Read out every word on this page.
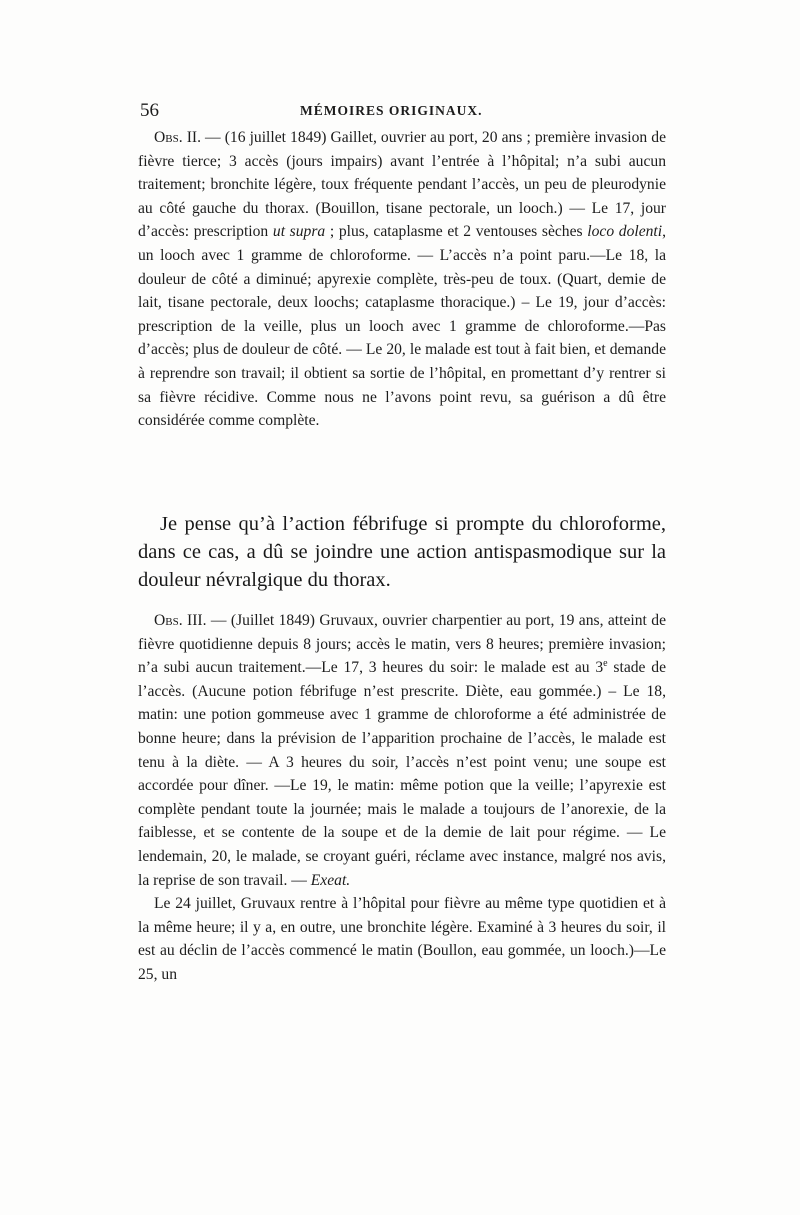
56	MÉMOIRES ORIGINAUX.

Obs. II. — (16 juillet 1849) Gaillet, ouvrier au port, 20 ans ; première invasion de fièvre tierce; 3 accès (jours impairs) avant l’entrée à l’hôpital; n’a subi aucun traitement; bronchite légère, toux fréquente pendant l’accès, un peu de pleurodynie au côté gauche du thorax. (Bouillon, tisane pectorale, un looch.) — Le 17, jour d’accès: prescription ut supra ; plus, cataplasme et 2 ventouses sèches loco dolenti, un looch avec 1 gramme de chloroforme. — L’accès n’a point paru.—Le 18, la douleur de côté a diminué; apyrexie complète, très-peu de toux. (Quart, demie de lait, tisane pectorale, deux loochs; cataplasme thoracique.) – Le 19, jour d’accès: prescription de la veille, plus un looch avec 1 gramme de chloroforme.—Pas d’accès; plus de douleur de côté. — Le 20, le malade est tout à fait bien, et demande à reprendre son travail; il obtient sa sortie de l’hôpital, en promettant d’y rentrer si sa fièvre récidive. Comme nous ne l’avons point revu, sa guérison a dû être considérée comme complète.

Je pense qu’à l’action fébrifuge si prompte du chloroforme, dans ce cas, a dû se joindre une action antispasmodique sur la douleur névralgique du thorax.

Obs. III. — (Juillet 1849) Gruvaux, ouvrier charpentier au port, 19 ans, atteint de fièvre quotidienne depuis 8 jours; accès le matin, vers 8 heures; première invasion; n’a subi aucun traitement.—Le 17, 3 heures du soir: le malade est au 3e stade de l’accès. (Aucune potion fébrifuge n’est prescrite. Diète, eau gommée.) – Le 18, matin: une potion gommeuse avec 1 gramme de chloroforme a été administrée de bonne heure; dans la prévision de l’apparition prochaine de l’accès, le malade est tenu à la diète. — A 3 heures du soir, l’accès n’est point venu; une soupe est accordée pour dîner. —Le 19, le matin: même potion que la veille; l’apyrexie est complète pendant toute la journée; mais le malade a toujours de l’anorexie, de la faiblesse, et se contente de la soupe et de la demie de lait pour régime. — Le lendemain, 20, le malade, se croyant guéri, réclame avec instance, malgré nos avis, la reprise de son travail. — Exeat.

Le 24 juillet, Gruvaux rentre à l’hôpital pour fièvre au même type quotidien et à la même heure; il y a, en outre, une bronchite légère. Examiné à 3 heures du soir, il est au déclin de l’accès commencé le matin (Boullon, eau gommée, un looch.)—Le 25, un
